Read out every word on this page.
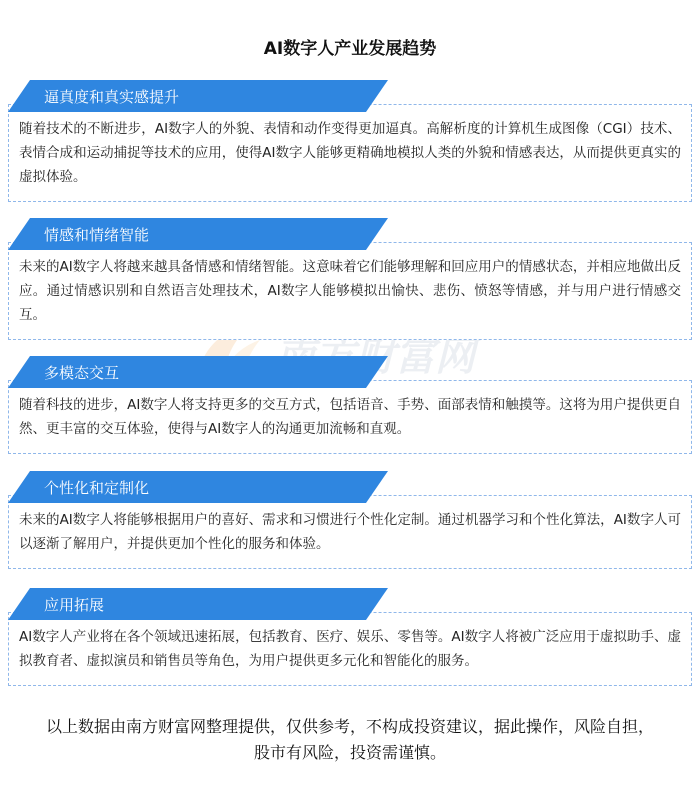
AI数字人产业发展趋势

随着技术的不断进步，AI数字人的外貌、表情和动作变得更加逼真。高解析度的计算机生成图像（CGI）技术、表情合成和运动捕捉等技术的应用，使得AI数字人能够更精确地模拟人类的外貌和情感表达，从而提供更真实的虚拟体验。

逼真度和真实感提升

未来的AI数字人将越来越具备情感和情绪智能。这意味着它们能够理解和回应用户的情感状态，并相应地做出反应。通过情感识别和自然语言处理技术，AI数字人能够模拟出愉快、悲伤、愤怒等情感，并与用户进行情感交互。

情感和情绪智能

随着科技的进步，AI数字人将支持更多的交互方式，包括语音、手势、面部表情和触摸等。这将为用户提供更自然、更丰富的交互体验，使得与AI数字人的沟通更加流畅和直观。

多模态交互

未来的AI数字人将能够根据用户的喜好、需求和习惯进行个性化定制。通过机器学习和个性化算法，AI数字人可以逐渐了解用户，并提供更加个性化的服务和体验。

个性化和定制化

AI数字人产业将在各个领域迅速拓展，包括教育、医疗、娱乐、零售等。AI数字人将被广泛应用于虚拟助手、虚拟教育者、虚拟演员和销售员等角色，为用户提供更多元化和智能化的服务。

应用拓展
以上数据由南方财富网整理提供，仅供参考，不构成投资建议，据此操作，风险自担，股市有风险，投资需谨慎。
